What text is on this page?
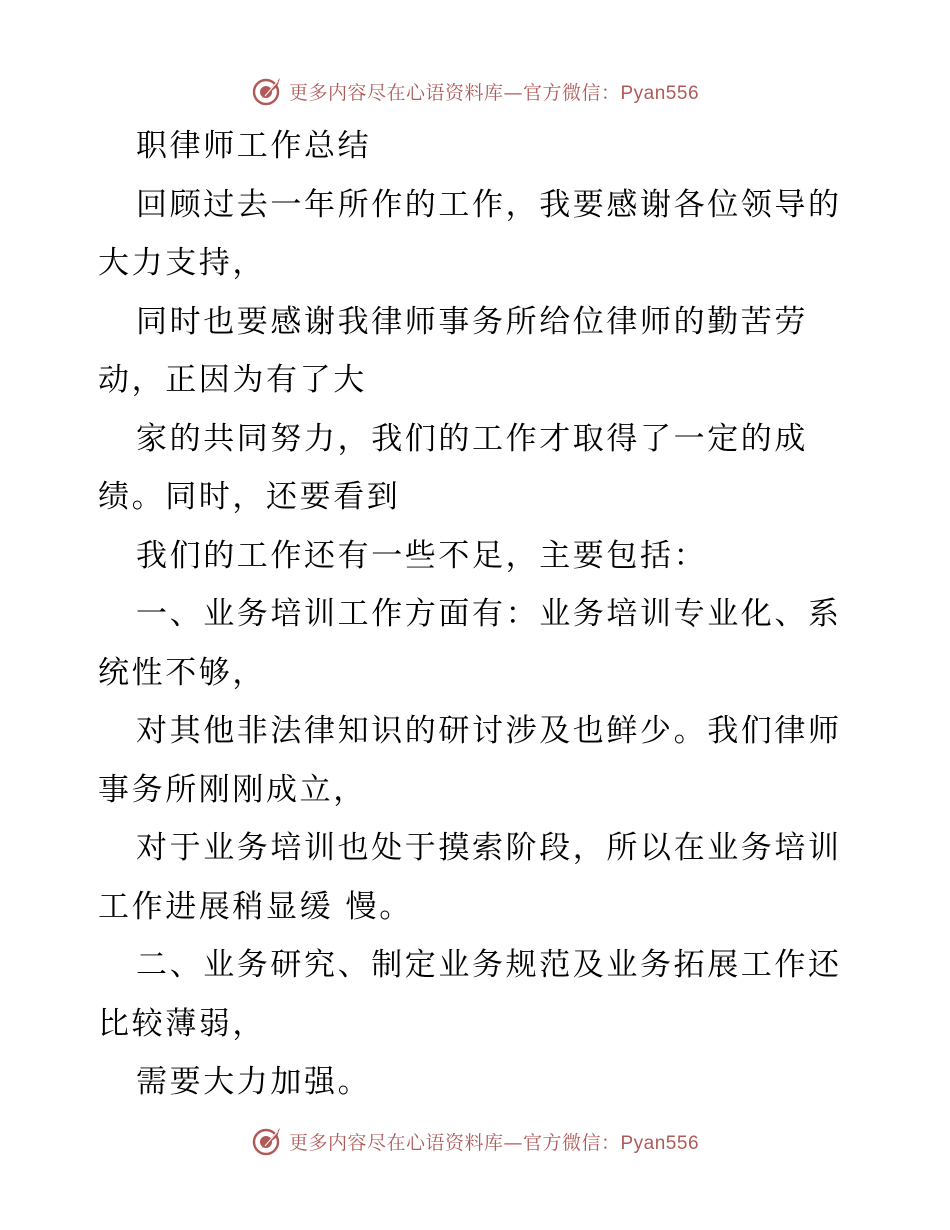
更多内容尽在心语资料库—官方微信：Pyan556
职律师工作总结
回顾过去一年所作的工作，我要感谢各位领导的
大力支持，
同时也要感谢我律师事务所给位律师的勤苦劳
动，正因为有了大
家的共同努力，我们的工作才取得了一定的成
绩。同时，还要看到
我们的工作还有一些不足，主要包括：
一、业务培训工作方面有：业务培训专业化、系
统性不够，
对其他非法律知识的研讨涉及也鲜少。我们律师
事务所刚刚成立，
对于业务培训也处于摸索阶段，所以在业务培训
工作进展稍显缓 慢。
二、业务研究、制定业务规范及业务拓展工作还
比较薄弱，
需要大力加强。
更多内容尽在心语资料库—官方微信：Pyan556
